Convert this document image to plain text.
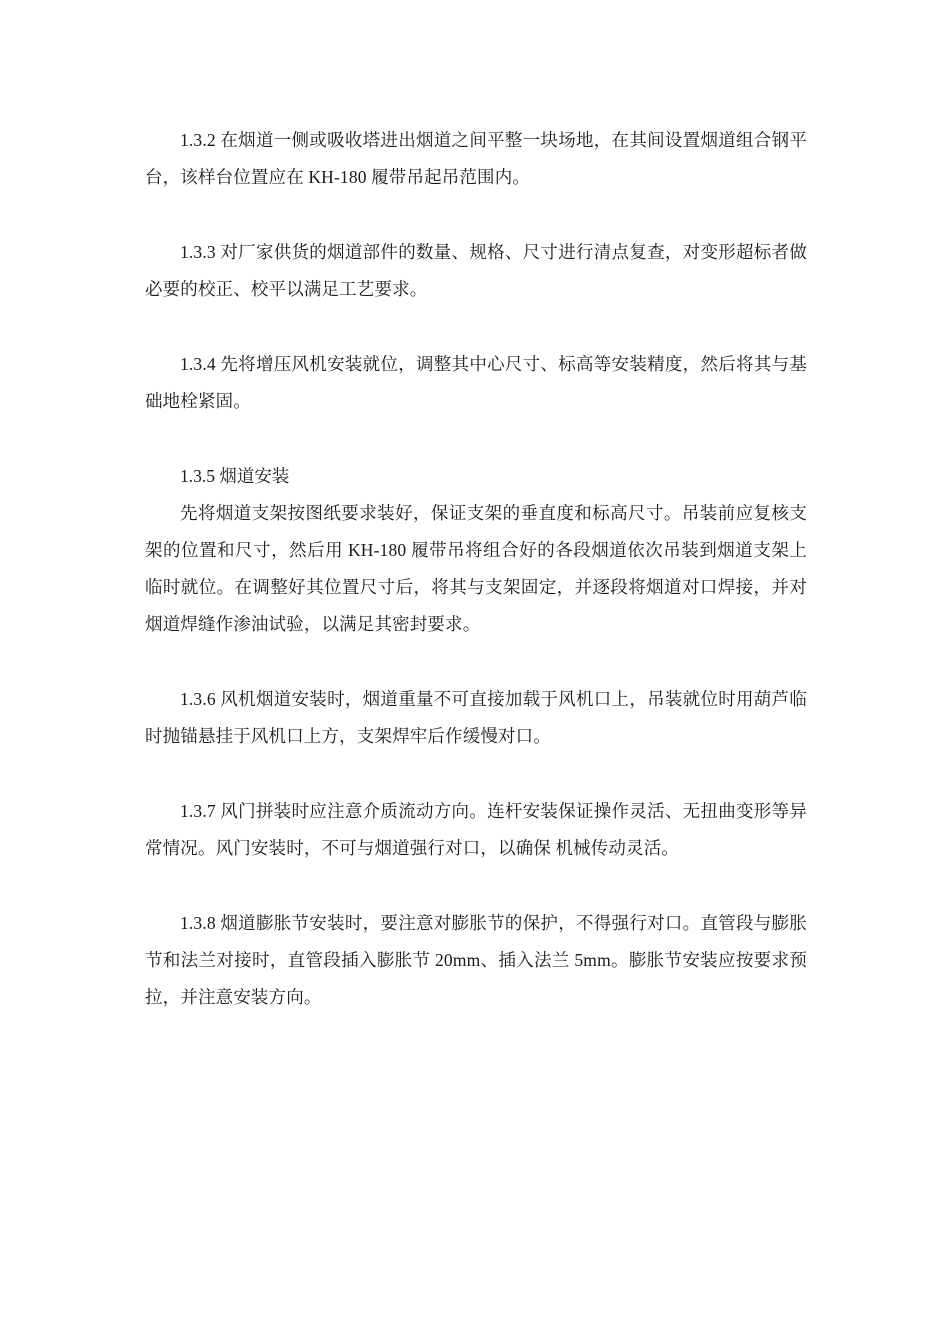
1.3.2 在烟道一侧或吸收塔进出烟道之间平整一块场地，在其间设置烟道组合钢平台，该样台位置应在 KH-180 履带吊起吊范围内。

1.3.3 对厂家供货的烟道部件的数量、规格、尺寸进行清点复查，对变形超标者做必要的校正、校平以满足工艺要求。

1.3.4 先将增压风机安装就位，调整其中心尺寸、标高等安装精度，然后将其与基础地栓紧固。

1.3.5 烟道安装

先将烟道支架按图纸要求装好，保证支架的垂直度和标高尺寸。吊装前应复核支架的位置和尺寸，然后用 KH-180 履带吊将组合好的各段烟道依次吊装到烟道支架上临时就位。在调整好其位置尺寸后，将其与支架固定，并逐段将烟道对口焊接，并对烟道焊缝作渗油试验，以满足其密封要求。

1.3.6 风机烟道安装时，烟道重量不可直接加载于风机口上，吊装就位时用葫芦临时抛锚悬挂于风机口上方，支架焊牢后作缓慢对口。

1.3.7 风门拼装时应注意介质流动方向。连杆安装保证操作灵活、无扭曲变形等异常情况。风门安装时，不可与烟道强行对口，以确保 机械传动灵活。

1.3.8 烟道膨胀节安装时，要注意对膨胀节的保护，不得强行对口。直管段与膨胀节和法兰对接时，直管段插入膨胀节 20mm、插入法兰 5mm。膨胀节安装应按要求预拉，并注意安装方向。
